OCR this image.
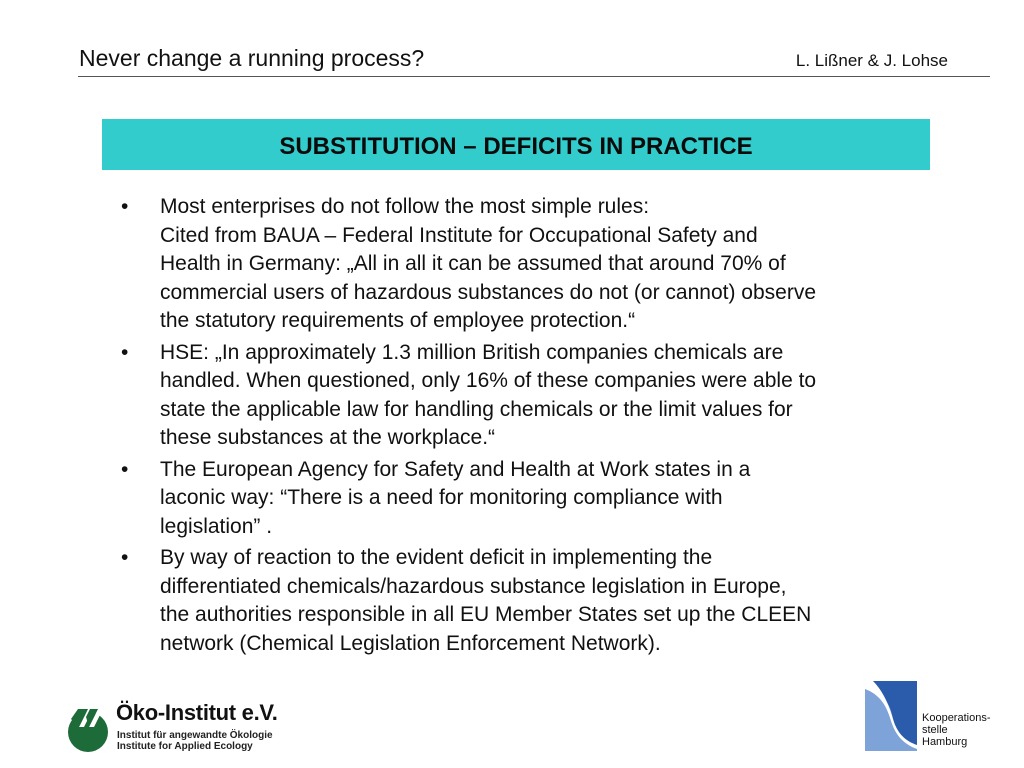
Never change a running process?	L. Lißner & J. Lohse
SUBSTITUTION – DEFICITS IN PRACTICE
• Most enterprises do not follow the most simple rules:
Cited from BAUA – Federal Institute for Occupational Safety and
Health in Germany: „All in all it can be assumed that around 70% of
commercial users of hazardous substances do not (or cannot) observe
the statutory requirements of employee protection.“
• HSE: „In approximately 1.3 million British companies chemicals are
handled. When questioned, only 16% of these companies were able to
state the applicable law for handling chemicals or the limit values for
these substances at the workplace.“
• The European Agency for Safety and Health at Work states in a
laconic way: “There is a need for monitoring compliance with
legislation” .
• By way of reaction to the evident deficit in implementing the
differentiated chemicals/hazardous substance legislation in Europe,
the authorities responsible in all EU Member States set up the CLEEN
network (Chemical Legislation Enforcement Network).
Öko-Institut e.V.
Institut für angewandte Ökologie
Institute for Applied Ecology
Kooperations-
stelle
Hamburg
